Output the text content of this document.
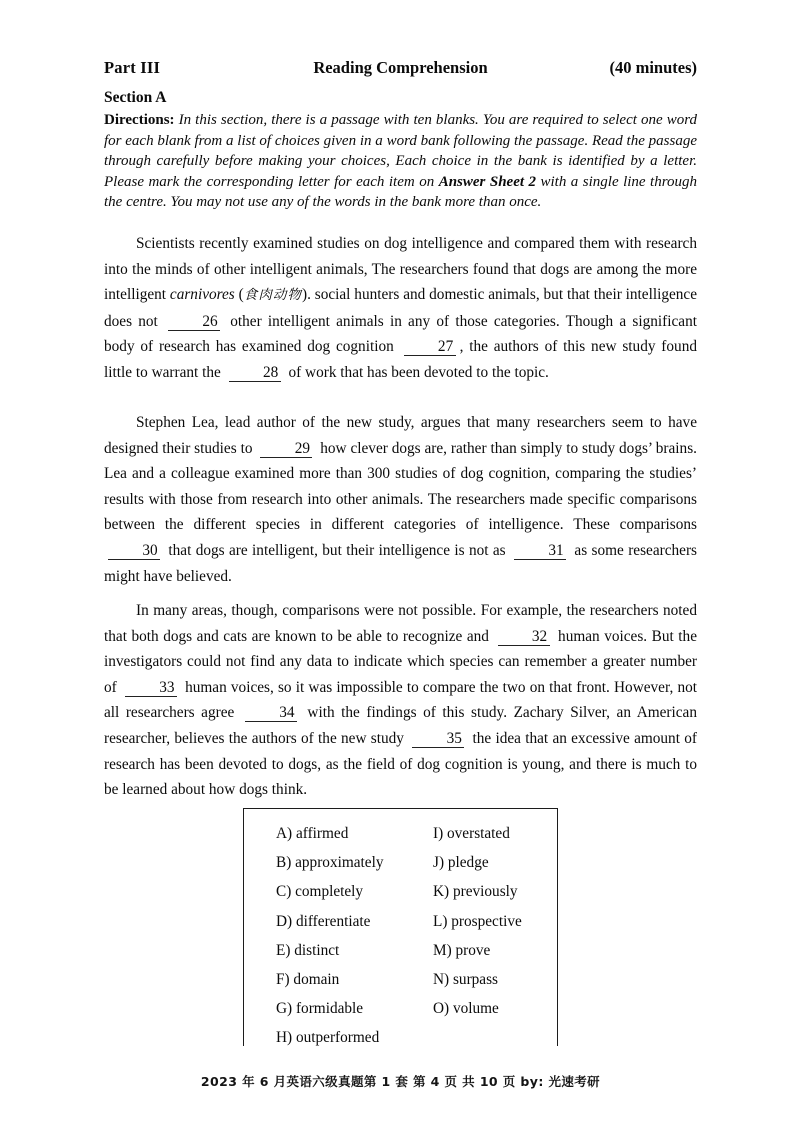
Part III	Reading Comprehension	(40 minutes)
Section A
Directions: In this section, there is a passage with ten blanks. You are required to select one word for each blank from a list of choices given in a word bank following the passage. Read the passage through carefully before making your choices, Each choice in the bank is identified by a letter. Please mark the corresponding letter for each item on Answer Sheet 2 with a single line through the centre. You may not use any of the words in the bank more than once.

Scientists recently examined studies on dog intelligence and compared them with research into the minds of other intelligent animals, The researchers found that dogs are among the more intelligent carnivores (食肉动物). social hunters and domestic animals, but that their intelligence does not	26 other intelligent animals in any of those categories. Though a significant body of research has examined dog cognition	27 , the authors of this new study found little to warrant the	28 of work that has been devoted to the topic.

Stephen Lea, lead author of the new study, argues that many researchers seem to have designed their studies to	29 how clever dogs are, rather than simply to study dogs’ brains. Lea and a colleague examined more than 300 studies of dog cognition, comparing the studies’ results with those from research into other animals. The researchers made specific comparisons between the different species in different categories of intelligence. These comparisons 30 that dogs are intelligent, but their intelligence is not as	31 as some researchers might have believed.

In many areas, though, comparisons were not possible. For example, the researchers noted that both dogs and cats are known to be able to recognize and	32 human voices. But the investigators could not find any data to indicate which species can remember a greater number of	33 human voices, so it was impossible to compare the two on that front. However, not all researchers agree	34 with the findings of this study. Zachary Silver, an American researcher, believes the authors of the new study	35 the idea that an excessive amount of research has been devoted to dogs, as the field of dog cognition is young, and there is much to be learned about how dogs think.

A) affirmed
B) approximately
C) completely
D) differentiate
E) distinct
F) domain
G) formidable
H) outperformed
I) overstated
J) pledge
K) previously
L) prospective
M) prove
N) surpass
O) volume
2023 年 6 月英语六级真题第 1 套 第 4 页 共 10 页 by: 光速考研
